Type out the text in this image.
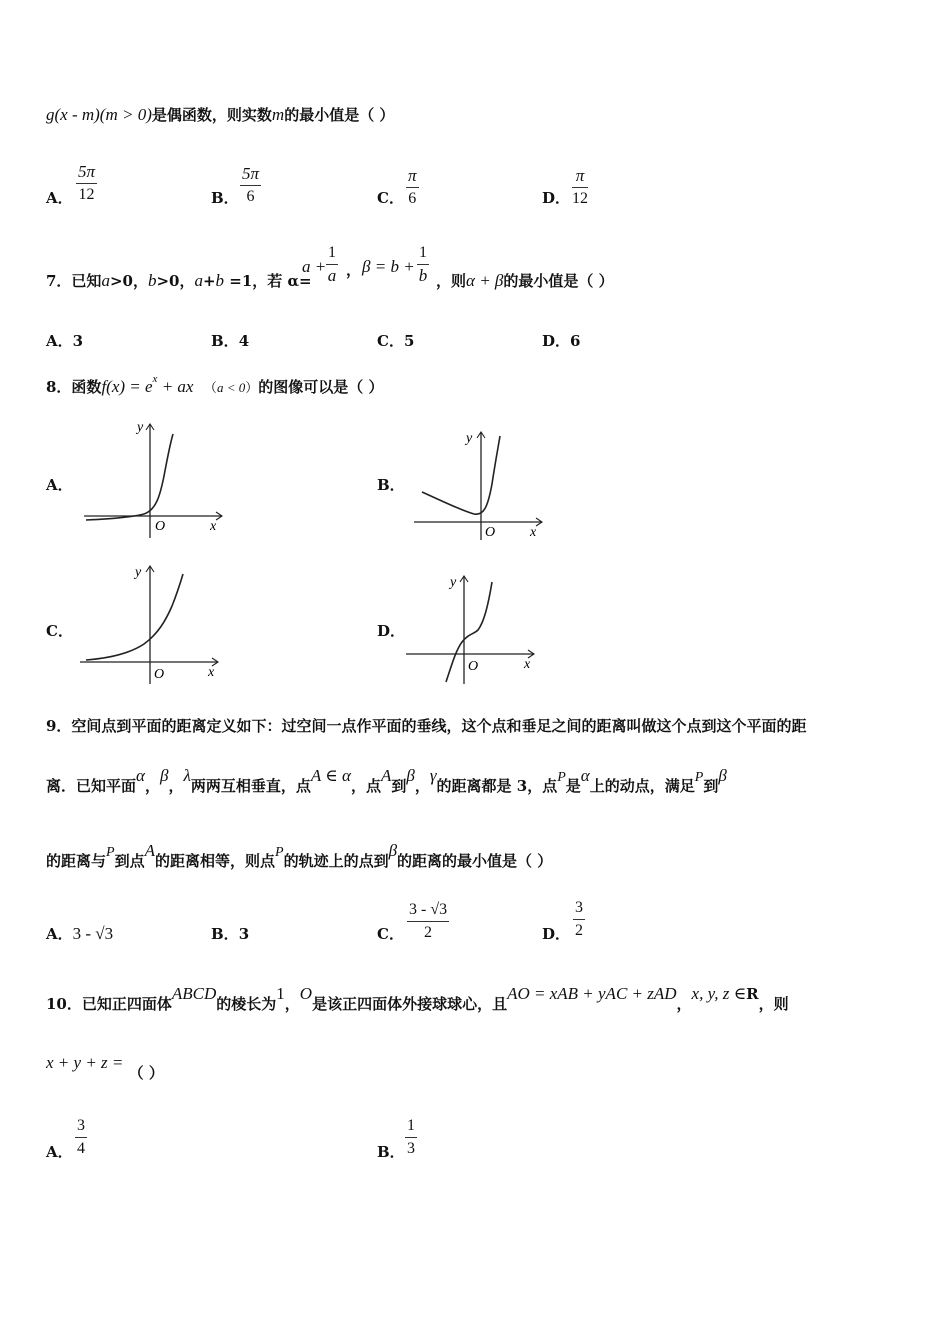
g(x - m)(m > 0)是偶函数，则实数m的最小值是（ ）
A． $\frac{5\pi}{12}$	B． $\frac{5\pi}{6}$	C． $\frac{\pi}{6}$	D． $\frac{\pi}{12}$
7．已知a>0，b>0，a+b =1，若 α=
$a + \frac{1}{a}$ ， $\beta = b + \frac{1}{b}$ ，则α + β的最小值是（ ）
A．3	B．4	C．5	D．6
8．函数$f(x) = e^x$ + ax （a < 0）的图像可以是（ ）
A．
y
x
O
B．
y
x
O
C．
y
x
O
D．
y
x
O
9．空间点到平面的距离定义如下：过空间一点作平面的垂线，这个点和垂足之间的距离叫做这个点到这个平面的距
离．已知平面α，β，λ两两互相垂直，点A ∈ α，点A到β，γ的距离都是 3，点P是α上的动点，满足P到β
的距离与P到点A的距离相等，则点P的轨迹上的点到β的距离的最小值是（ ）
A．3 - √3	B．3	C． $\frac{3 - √3}{2}$	D． $\frac{3}{2}$
10．已知正四面体ABCD的棱长为1，O是该正四面体外接球球心，且AO = xAB + yAC + zAD，x, y, z ∈R，则
x + y + z = （ ）
A． $\frac{3}{4}$	B． $\frac{1}{3}$
